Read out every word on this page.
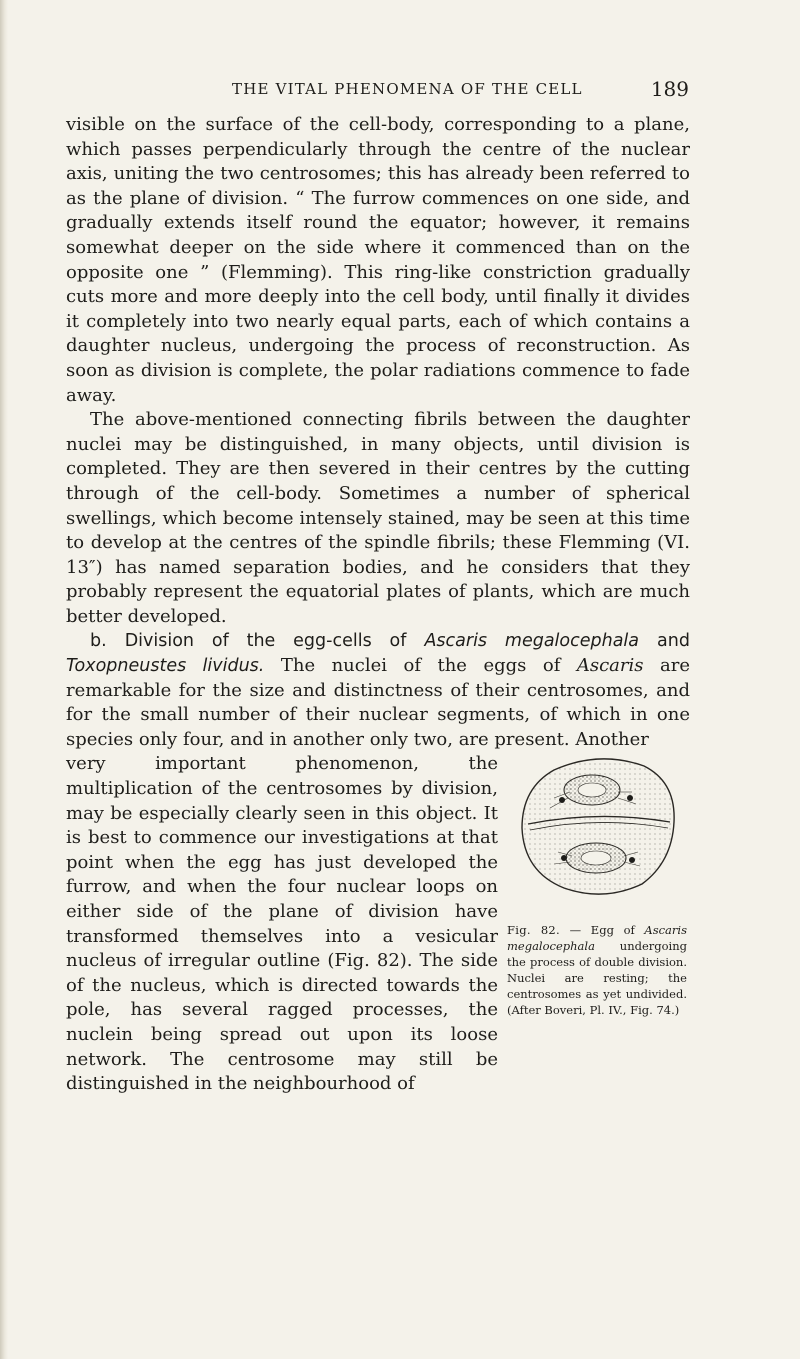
THE VITAL PHENOMENA OF THE CELL	189

visible on the surface of the cell-body, corresponding to a plane, which passes perpendicularly through the centre of the nuclear axis, uniting the two centrosomes; this has already been referred to as the plane of division. “ The furrow commences on one side, and gradually extends itself round the equator; however, it remains somewhat deeper on the side where it commenced than on the opposite one ” (Flemming). This ring-like constriction gradually cuts more and more deeply into the cell body, until finally it divides it completely into two nearly equal parts, each of which contains a daughter nucleus, undergoing the process of reconstruction. As soon as division is complete, the polar radiations commence to fade away.

The above-mentioned connecting fibrils between the daughter nuclei may be distinguished, in many objects, until division is completed. They are then severed in their centres by the cutting through of the cell-body. Sometimes a number of spherical swellings, which become intensely stained, may be seen at this time to develop at the centres of the spindle fibrils; these Flemming (VI. 13″) has named separation bodies, and he considers that they probably represent the equatorial plates of plants, which are much better developed.

b. Division of the egg-cells of Ascaris megalocephala and Toxopneustes lividus. The nuclei of the eggs of Ascaris are remarkable for the size and distinctness of their centrosomes, and for the small number of their nuclear segments, of which in one species only four, and in another only two, are present. Another

very important phenomenon, the multiplication of the centrosomes by division, may be especially clearly seen in this object. It is best to commence our investigations at that point when the egg has just developed the furrow, and when the four nuclear loops on either side of the plane of division have transformed themselves into a vesicular nucleus of irregular outline (Fig. 82). The side of the nucleus, which is directed towards the pole, has several ragged processes, the nuclein being spread out upon its loose network. The centrosome may still be distinguished in the neighbourhood of

Fig. 82. — Egg of Ascaris megalocephala undergoing the process of double division. Nuclei are resting; the centrosomes as yet undivided. (After Boveri, Pl. IV., Fig. 74.)
